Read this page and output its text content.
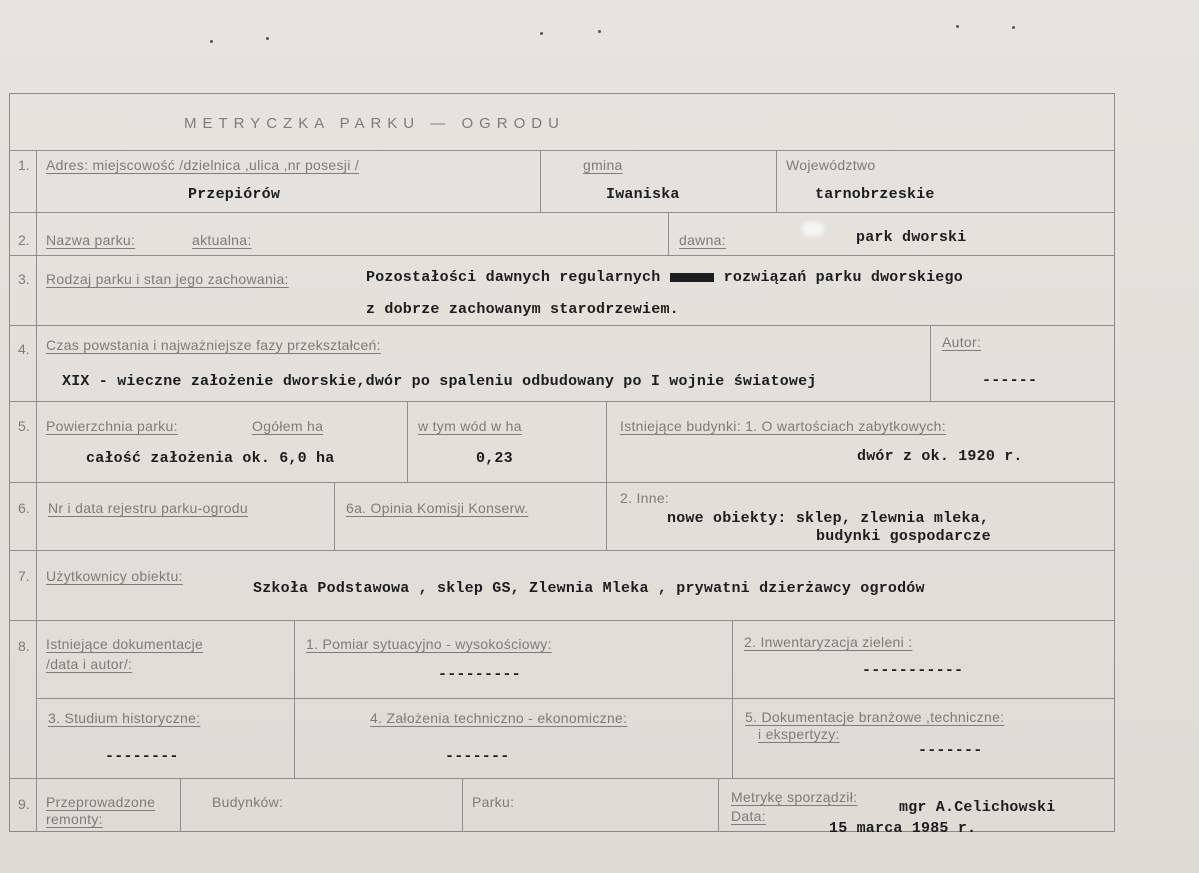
METRYCZKA PARKU — OGRODU
1. Adres: miejscowość /dzielnica ,ulica ,nr posesji /
Przepiórów
gmina
Iwaniska
Województwo
tarnobrzeskie
2. Nazwa parku:	aktualna:	dawna:	park dworski
3. Rodzaj parku i stan jego zachowania:	Pozostałości dawnych regularnych xxxxxxxx rozwiązań parku dworskiego
z dobrze zachowanym starodrzewiem.
4. Czas powstania i najważniejsze fazy przekształceń:
XIX - wieczne założenie dworskie,dwór po spaleniu odbudowany po I wojnie światowej
Autor:
------
5. Powierzchnia parku:	Ogółem ha
całość założenia ok. 6,0 ha
w tym wód w ha
0,23
Istniejące budynki: 1. O wartościach zabytkowych:
dwór z ok. 1920 r.
6. Nr i data rejestru parku-ogrodu	6a. Opinia Komisji Konserw.
2. Inne:
nowe obiekty: sklep, zlewnia mleka,
budynki gospodarcze
7. Użytkownicy obiektu:
Szkoła Podstawowa , sklep GS, Zlewnia Mleka , prywatni dzierżawcy ogrodów
8. Istniejące dokumentacje
/data i autor/:
1. Pomiar sytuacyjno - wysokościowy:
---------
2. Inwentaryzacja zieleni :
-----------
3. Studium historyczne:
--------
4. Założenia techniczno - ekonomiczne:
-------
5. Dokumentacje branżowe ,techniczne:
i ekspertyzy:
-------
9. Przeprowadzone
remonty:
Budynków:	Parku:	Metrykę sporządził:
mgr A.Celichowski
Data:
15 marca 1985 r.
